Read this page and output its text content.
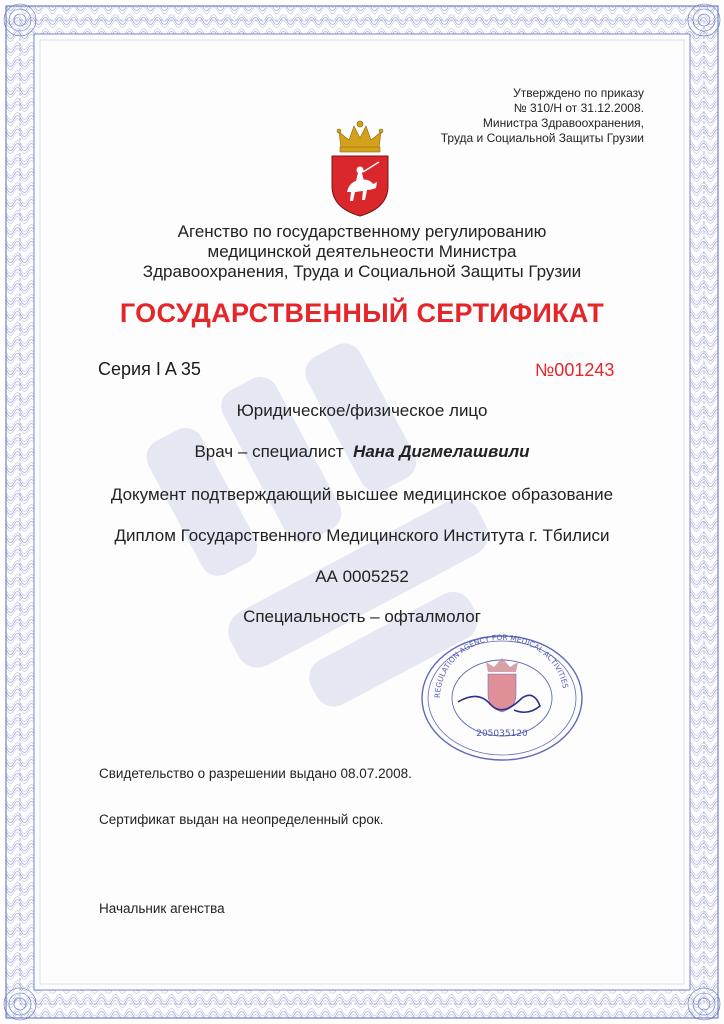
Утверждено по приказу
№ 310/Н от 31.12.2008.
Министра Здравоохранения,
Труда и Социальной Защиты Грузии
Агенство по государственному регулированию
медицинской деятельнеости Министра
Здравоохранения, Труда и Социальной Защиты Грузии
ГОСУДАРСТВЕННЫЙ СЕРТИФИКАТ
Серия I A 35	№001243
Юридическое/физическое лицо
Врач – специалист Нана Дигмелашвили
Документ подтверждающий высшее медицинское образование
Диплом Государственного Медицинского Института г. Тбилиси
АА 0005252
Специальность – офталмолог
REGULATION AGENCY FOR MEDICAL ACTIVITIES
205035120
Свидетельство о разрешении выдано 08.07.2008.
Сертификат выдан на неопределенный срок.
Начальник агенства
